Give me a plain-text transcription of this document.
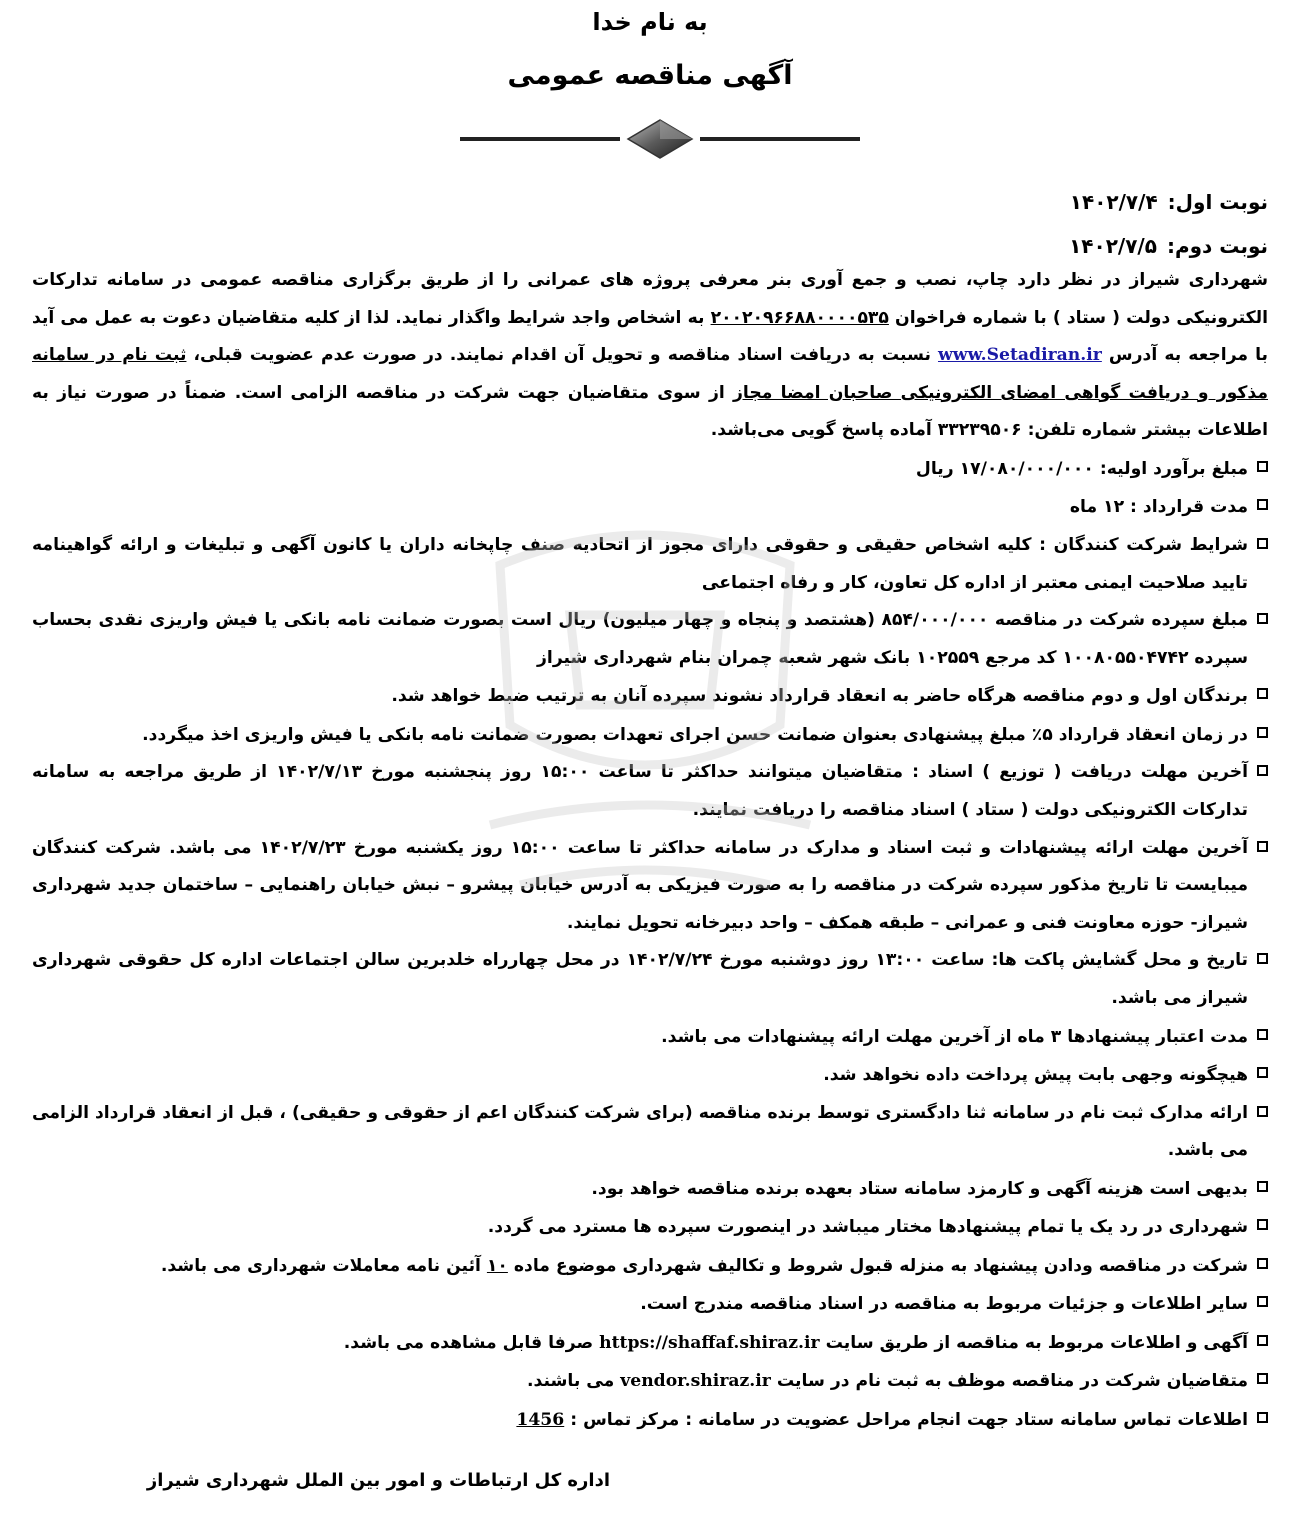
به نام خدا
آگهی مناقصه عمومی
نوبت اول:۱۴۰۲/۷/۴
نوبت دوم:۱۴۰۲/۷/۵

شهرداری شیراز در نظر دارد چاپ، نصب و جمع آوری بنر معرفی پروژه های عمرانی را از طریق برگزاری مناقصه عمومی در سامانه تدارکات الکترونیکی دولت ( ستاد ) با شماره فراخوان ۲۰۰۲۰۹۶۶۸۸۰۰۰۰۵۳۵ به اشخاص واجد شرایط واگذار نماید. لذا از کلیه متقاضیان دعوت به عمل می آید با مراجعه به آدرس www.Setadiran.ir نسبت به دریافت اسناد مناقصه و تحویل آن اقدام نمایند. در صورت عدم عضویت قبلی، ثبت نام در سامانه مذکور و دریافت گواهی امضای الکترونیکی صاحبان امضا مجاز از سوی متقاضیان جهت شرکت در مناقصه الزامی است. ضمناً در صورت نیاز به اطلاعات بیشتر شماره تلفن: ۳۳۲۳۹۵۰۶ آماده پاسخ گویی می‌باشد.

مبلغ برآورد اولیه: ۱۷/۰۸۰/۰۰۰/۰۰۰ ریال
مدت قرارداد : ۱۲ ماه
شرایط شرکت کنندگان : کلیه اشخاص حقیقی و حقوقی دارای مجوز از اتحادیه صنف چاپخانه داران یا کانون آگهی و تبلیغات و ارائه گواهینامه تایید صلاحیت ایمنی معتبر از اداره کل تعاون، کار و رفاه اجتماعی
مبلغ سپرده شرکت در مناقصه ۸۵۴/۰۰۰/۰۰۰ (هشتصد و پنجاه و چهار میلیون) ریال است بصورت ضمانت نامه بانکی یا فیش واریزی نقدی بحساب سپرده ۱۰۰۸۰۵۵۰۴۷۴۲ کد مرجع ۱۰۲۵۵۹ بانک شهر شعبه چمران بنام شهرداری شیراز
برندگان اول و دوم مناقصه هرگاه حاضر به انعقاد قرارداد نشوند سپرده آنان به ترتیب ضبط خواهد شد.
در زمان انعقاد قرارداد ۵٪ مبلغ پیشنهادی بعنوان ضمانت حسن اجرای تعهدات بصورت ضمانت نامه بانکی یا فیش واریزی اخذ میگردد.
آخرین مهلت دریافت ( توزیع ) اسناد : متقاضیان میتوانند حداکثر تا ساعت ۱۵:۰۰ روز پنجشنبه مورخ ۱۴۰۲/۷/۱۳ از طریق مراجعه به سامانه تدارکات الکترونیکی دولت ( ستاد ) اسناد مناقصه را دریافت نمایند.
آخرین مهلت ارائه پیشنهادات و ثبت اسناد و مدارک در سامانه حداکثر تا ساعت ۱۵:۰۰ روز یکشنبه مورخ ۱۴۰۲/۷/۲۳ می باشد. شرکت کنندگان میبایست تا تاریخ مذکور سپرده شرکت در مناقصه را به صورت فیزیکی به آدرس خیابان پیشرو – نبش خیابان راهنمایی – ساختمان جدید شهرداری شیراز- حوزه معاونت فنی و عمرانی – طبقه همکف – واحد دبیرخانه تحویل نمایند.
تاریخ و محل گشایش پاکت ها: ساعت ۱۳:۰۰ روز دوشنبه مورخ ۱۴۰۲/۷/۲۴ در محل چهارراه خلدبرین سالن اجتماعات اداره کل حقوقی شهرداری شیراز می باشد.
مدت اعتبار پیشنهادها ۳ ماه از آخرین مهلت ارائه پیشنهادات می باشد.
هیچگونه وجهی بابت پیش پرداخت داده نخواهد شد.
ارائه مدارک ثبت نام در سامانه ثنا دادگستری توسط برنده مناقصه (برای شرکت کنندگان اعم از حقوقی و حقیقی) ، قبل از انعقاد قرارداد الزامی می باشد.
بدیهی است هزینه آگهی و کارمزد سامانه ستاد بعهده برنده مناقصه خواهد بود.
شهرداری در رد یک یا تمام پیشنهادها مختار میباشد در اینصورت سپرده ها مسترد می گردد.
شرکت در مناقصه ودادن پیشنهاد به منزله قبول شروط و تکالیف شهرداری موضوع ماده ۱۰ آئین نامه معاملات شهرداری می باشد.
سایر اطلاعات و جزئیات مربوط به مناقصه در اسناد مناقصه مندرج است.
آگهی و اطلاعات مربوط به مناقصه از طریق سایت https://shaffaf.shiraz.ir صرفا قابل مشاهده می باشد.
متقاضیان شرکت در مناقصه موظف به ثبت نام در سایت vendor.shiraz.ir می باشند.
اطلاعات تماس سامانه ستاد جهت انجام مراحل عضویت در سامانه : مرکز تماس : 1456
اداره کل ارتباطات و امور بین الملل شهرداری شیراز
